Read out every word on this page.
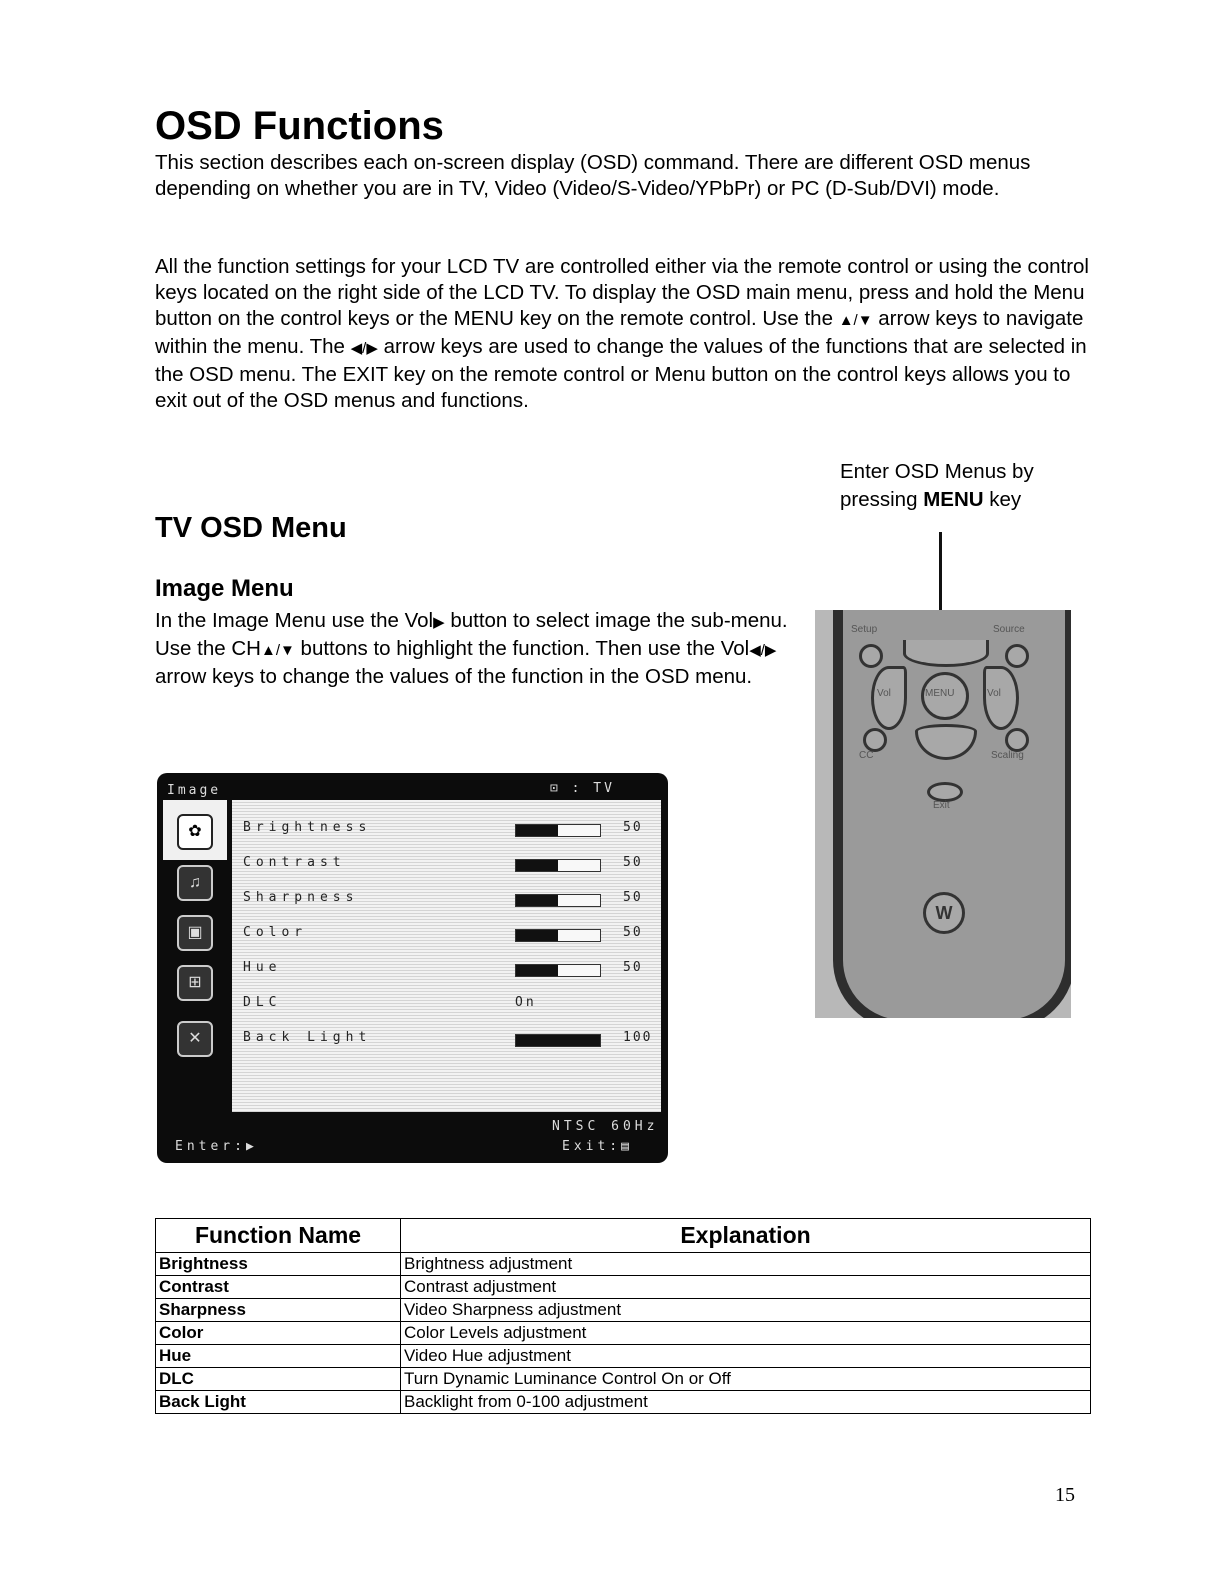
OSD Functions

This section describes each on-screen display (OSD) command. There are different OSD menus depending on whether you are in TV, Video (Video/S-Video/YPbPr) or PC (D-Sub/DVI) mode.

All the function settings for your LCD TV are controlled either via the remote control or using the control keys located on the right side of the LCD TV. To display the OSD main menu, press and hold the Menu button on the control keys or the MENU key on the remote control. Use the ▲/▼ arrow keys to navigate within the menu. The ◀/▶ arrow keys are used to change the values of the functions that are selected in the OSD menu. The EXIT key on the remote control or Menu button on the control keys allows you to exit out of the OSD menus and functions.

Enter OSD Menus by
pressing MENU key
TV OSD Menu
Image Menu

In the Image Menu use the Vol▶ button to select image the sub-menu. Use the CH▲/▼ buttons to highlight the function. Then use the Vol◀/▶ arrow keys to change the values of the function in the OSD menu.

Setup	Source
Vol	MENU	Vol
CC	Scaling
Exit
W
Image	⊡ : TV
✿
♫
▣
⊞
✕
Brightness	50
Contrast	50
Sharpness	50
Color	50
Hue	50
DLC	On
Back Light	100
NTSC 60Hz
Enter:▶	Exit:▤
Function Name	Explanation
Brightness	Brightness adjustment
Contrast	Contrast adjustment
Sharpness	Video Sharpness adjustment
Color	Color Levels adjustment
Hue	Video Hue adjustment
DLC	Turn Dynamic Luminance Control On or Off
Back Light	Backlight from 0-100 adjustment
15
